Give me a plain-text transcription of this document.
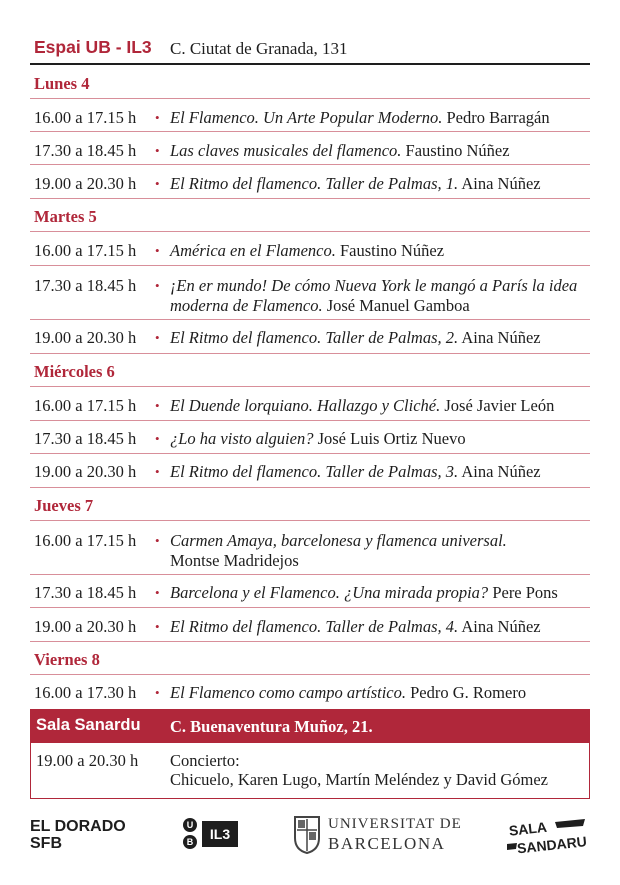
Espai UB - IL3 C. Ciutat de Granada, 131
Lunes 4
16.00 a 17.15 h • El Flamenco. Un Arte Popular Moderno. Pedro Barragán
17.30 a 18.45 h • Las claves musicales del flamenco. Faustino Núñez
19.00 a 20.30 h • El Ritmo del flamenco. Taller de Palmas, 1. Aina Núñez
Martes 5
16.00 a 17.15 h • América en el Flamenco. Faustino Núñez
17.30 a 18.45 h • ¡En er mundo! De cómo Nueva York le mangó a París la idea moderna de Flamenco. José Manuel Gamboa
19.00 a 20.30 h • El Ritmo del flamenco. Taller de Palmas, 2. Aina Núñez
Miércoles 6
16.00 a 17.15 h • El Duende lorquiano. Hallazgo y Cliché. José Javier León
17.30 a 18.45 h • ¿Lo ha visto alguien? José Luis Ortiz Nuevo
19.00 a 20.30 h • El Ritmo del flamenco. Taller de Palmas, 3. Aina Núñez
Jueves 7
16.00 a 17.15 h • Carmen Amaya, barcelonesa y flamenca universal.
Montse Madridejos
17.30 a 18.45 h • Barcelona y el Flamenco. ¿Una mirada propia? Pere Pons
19.00 a 20.30 h • El Ritmo del flamenco. Taller de Palmas, 4. Aina Núñez
Viernes 8
16.00 a 17.30 h • El Flamenco como campo artístico. Pedro G. Romero
Sala Sanardu C. Buenaventura Muñoz, 21.
19.00 a 20.30 h Concierto:
Chicuelo, Karen Lugo, Martín Meléndez y David Gómez
EL DORADO
SFB
U
B IL3
UNIVERSITAT DE
BARCELONA
SALA
SANDARU
